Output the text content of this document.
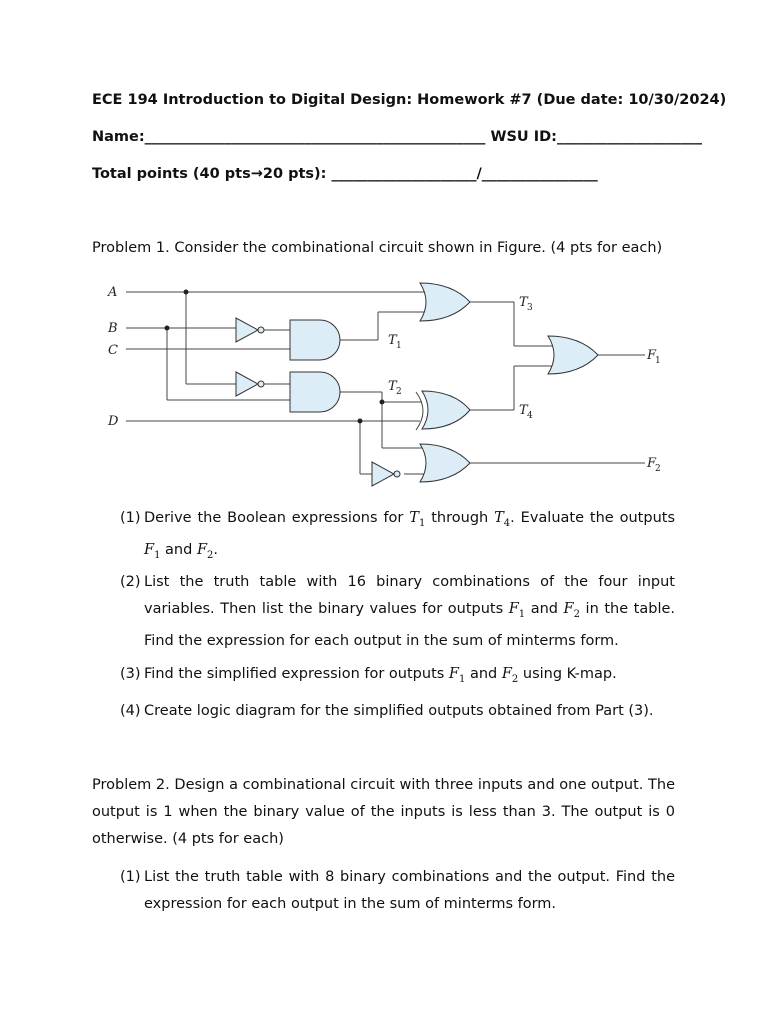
ECE 194 Introduction to Digital Design: Homework #7 (Due date: 10/30/2024)
Name:_______________________________________________ WSU ID:____________________
Total points (40 pts→20 pts): ____________________/________________
Problem 1. Consider the combinational circuit shown in Figure. (4 pts for each)
A
B
C
D
T 1
T 2
T 3
T 4
F
1
F
2
(1) Derive the Boolean expressions for $T_1$ through $T_4$. Evaluate the outputs $F_1$ and $F_2$.
(2) List the truth table with 16 binary combinations of the four input variables. Then list the binary values for outputs $F_1$ and $F_2$ in the table. Find the expression for each output in the sum of minterms form.
(3) Find the simplified expression for outputs $F_1$ and $F_2$ using K-map.
(4) Create logic diagram for the simplified outputs obtained from Part (3).
Problem 2. Design a combinational circuit with three inputs and one output. The output is 1 when the binary value of the inputs is less than 3. The output is 0 otherwise. (4 pts for each)
(1) List the truth table with 8 binary combinations and the output. Find the expression for each output in the sum of minterms form.
